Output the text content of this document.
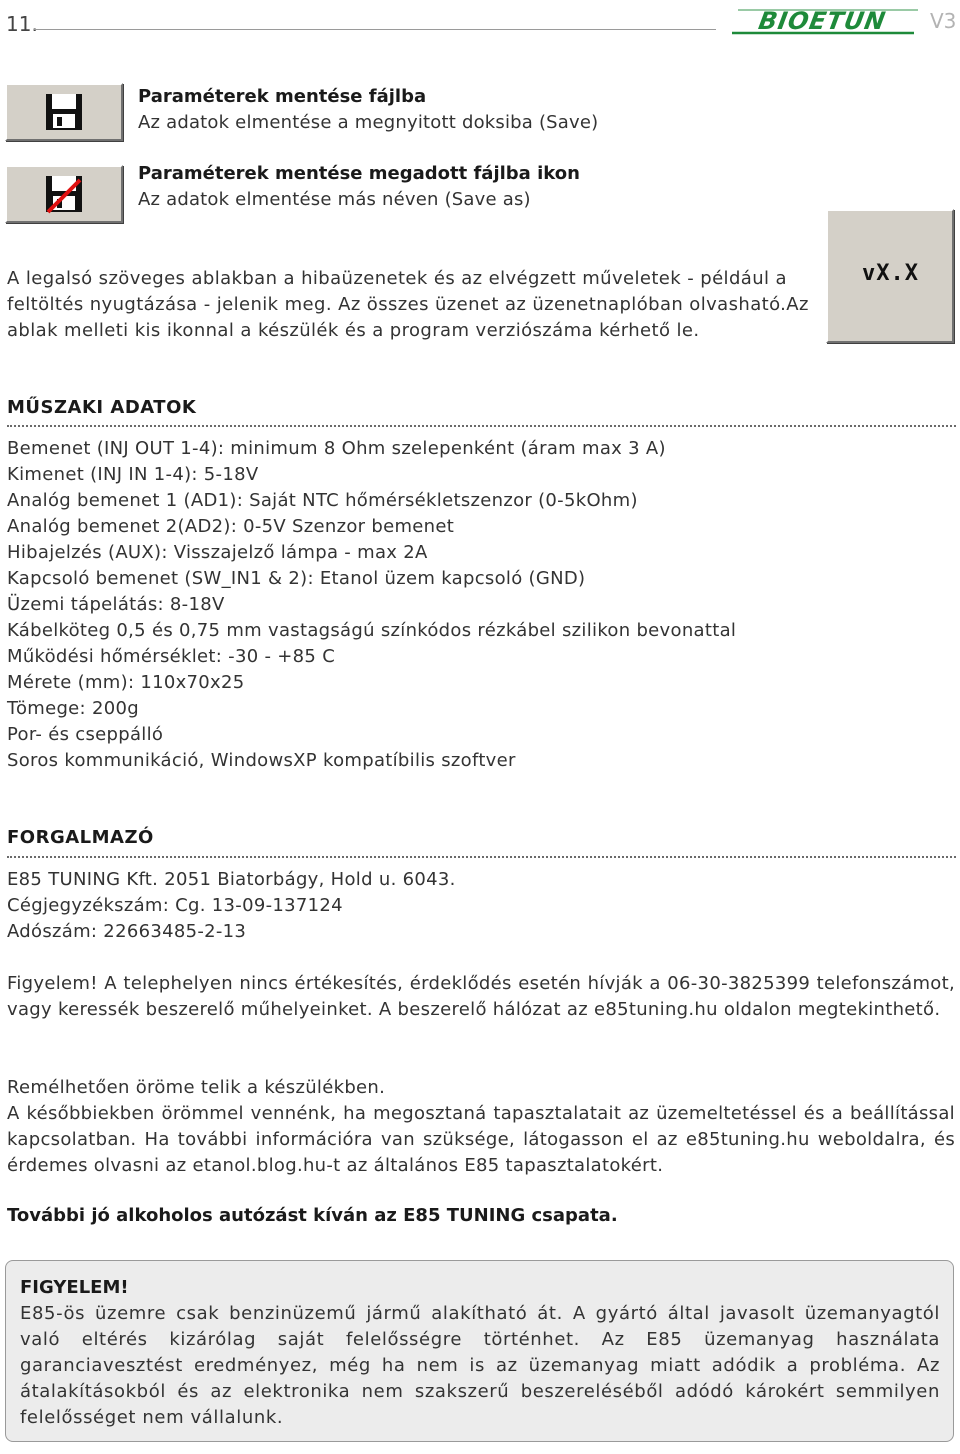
11.	BIOETUN V3
Paraméterek mentése fájlba
Az adatok elmentése a megnyitott doksiba (Save)
Paraméterek mentése megadott fájlba ikon
Az adatok elmentése más néven (Save as)

A legalsó szöveges ablakban a hibaüzenetek és az elvégzett műveletek - például a feltöltés nyugtázása - jelenik meg. Az összes üzenet az üzenetnaplóban olvasható.Az ablak melleti kis ikonnal a készülék és a program verziószáma kérhető le.

vX.X
MŰSZAKI ADATOK
Bemenet (INJ OUT 1-4): minimum 8 Ohm szelepenként (áram max 3 A)
Kimenet (INJ IN 1-4): 5-18V
Analóg bemenet 1 (AD1): Saját NTC hőmérsékletszenzor (0-5kOhm)
Analóg bemenet 2(AD2): 0-5V Szenzor bemenet
Hibajelzés (AUX): Visszajelző lámpa - max 2A
Kapcsoló bemenet (SW_IN1 & 2): Etanol üzem kapcsoló (GND)
Üzemi tápelátás: 8-18V
Kábelköteg 0,5 és 0,75 mm vastagságú színkódos rézkábel szilikon bevonattal
Működési hőmérséklet: -30 - +85 C
Mérete (mm): 110x70x25
Tömege: 200g
Por- és cseppálló
Soros kommunikáció, WindowsXP kompatíbilis szoftver
FORGALMAZÓ
E85 TUNING Kft. 2051 Biatorbágy, Hold u. 6043.
Cégjegyzékszám: Cg. 13-09-137124
Adószám: 22663485-2-13

Figyelem! A telephelyen nincs értékesítés, érdeklődés esetén hívják a 06-30-3825399 telefonszámot, vagy keressék beszerelő műhelyeinket. A beszerelő hálózat az e85tuning.hu oldalon megtekinthető.

Remélhetően öröme telik a készülékben.

A későbbiekben örömmel vennénk, ha megosztaná tapasztalatait az üzemeltetéssel és a beállítással kapcsolatban. Ha további információra van szüksége, látogasson el az e85tuning.hu weboldalra, és érdemes olvasni az etanol.blog.hu-t az általános E85 tapasztalatokért.

További jó alkoholos autózást kíván az E85 TUNING csapata.
FIGYELEM!

E85-ös üzemre csak benzinüzemű jármű alakítható át. A gyártó által javasolt üzemanyagtól való eltérés kizárólag saját felelősségre történhet. Az E85 üzemanyag használata garanciavesztést eredményez, még ha nem is az üzemanyag miatt adódik a probléma. Az átalakításokból és az elektronika nem szakszerű beszereléséből adódó károkért semmilyen felelősséget nem vállalunk.
